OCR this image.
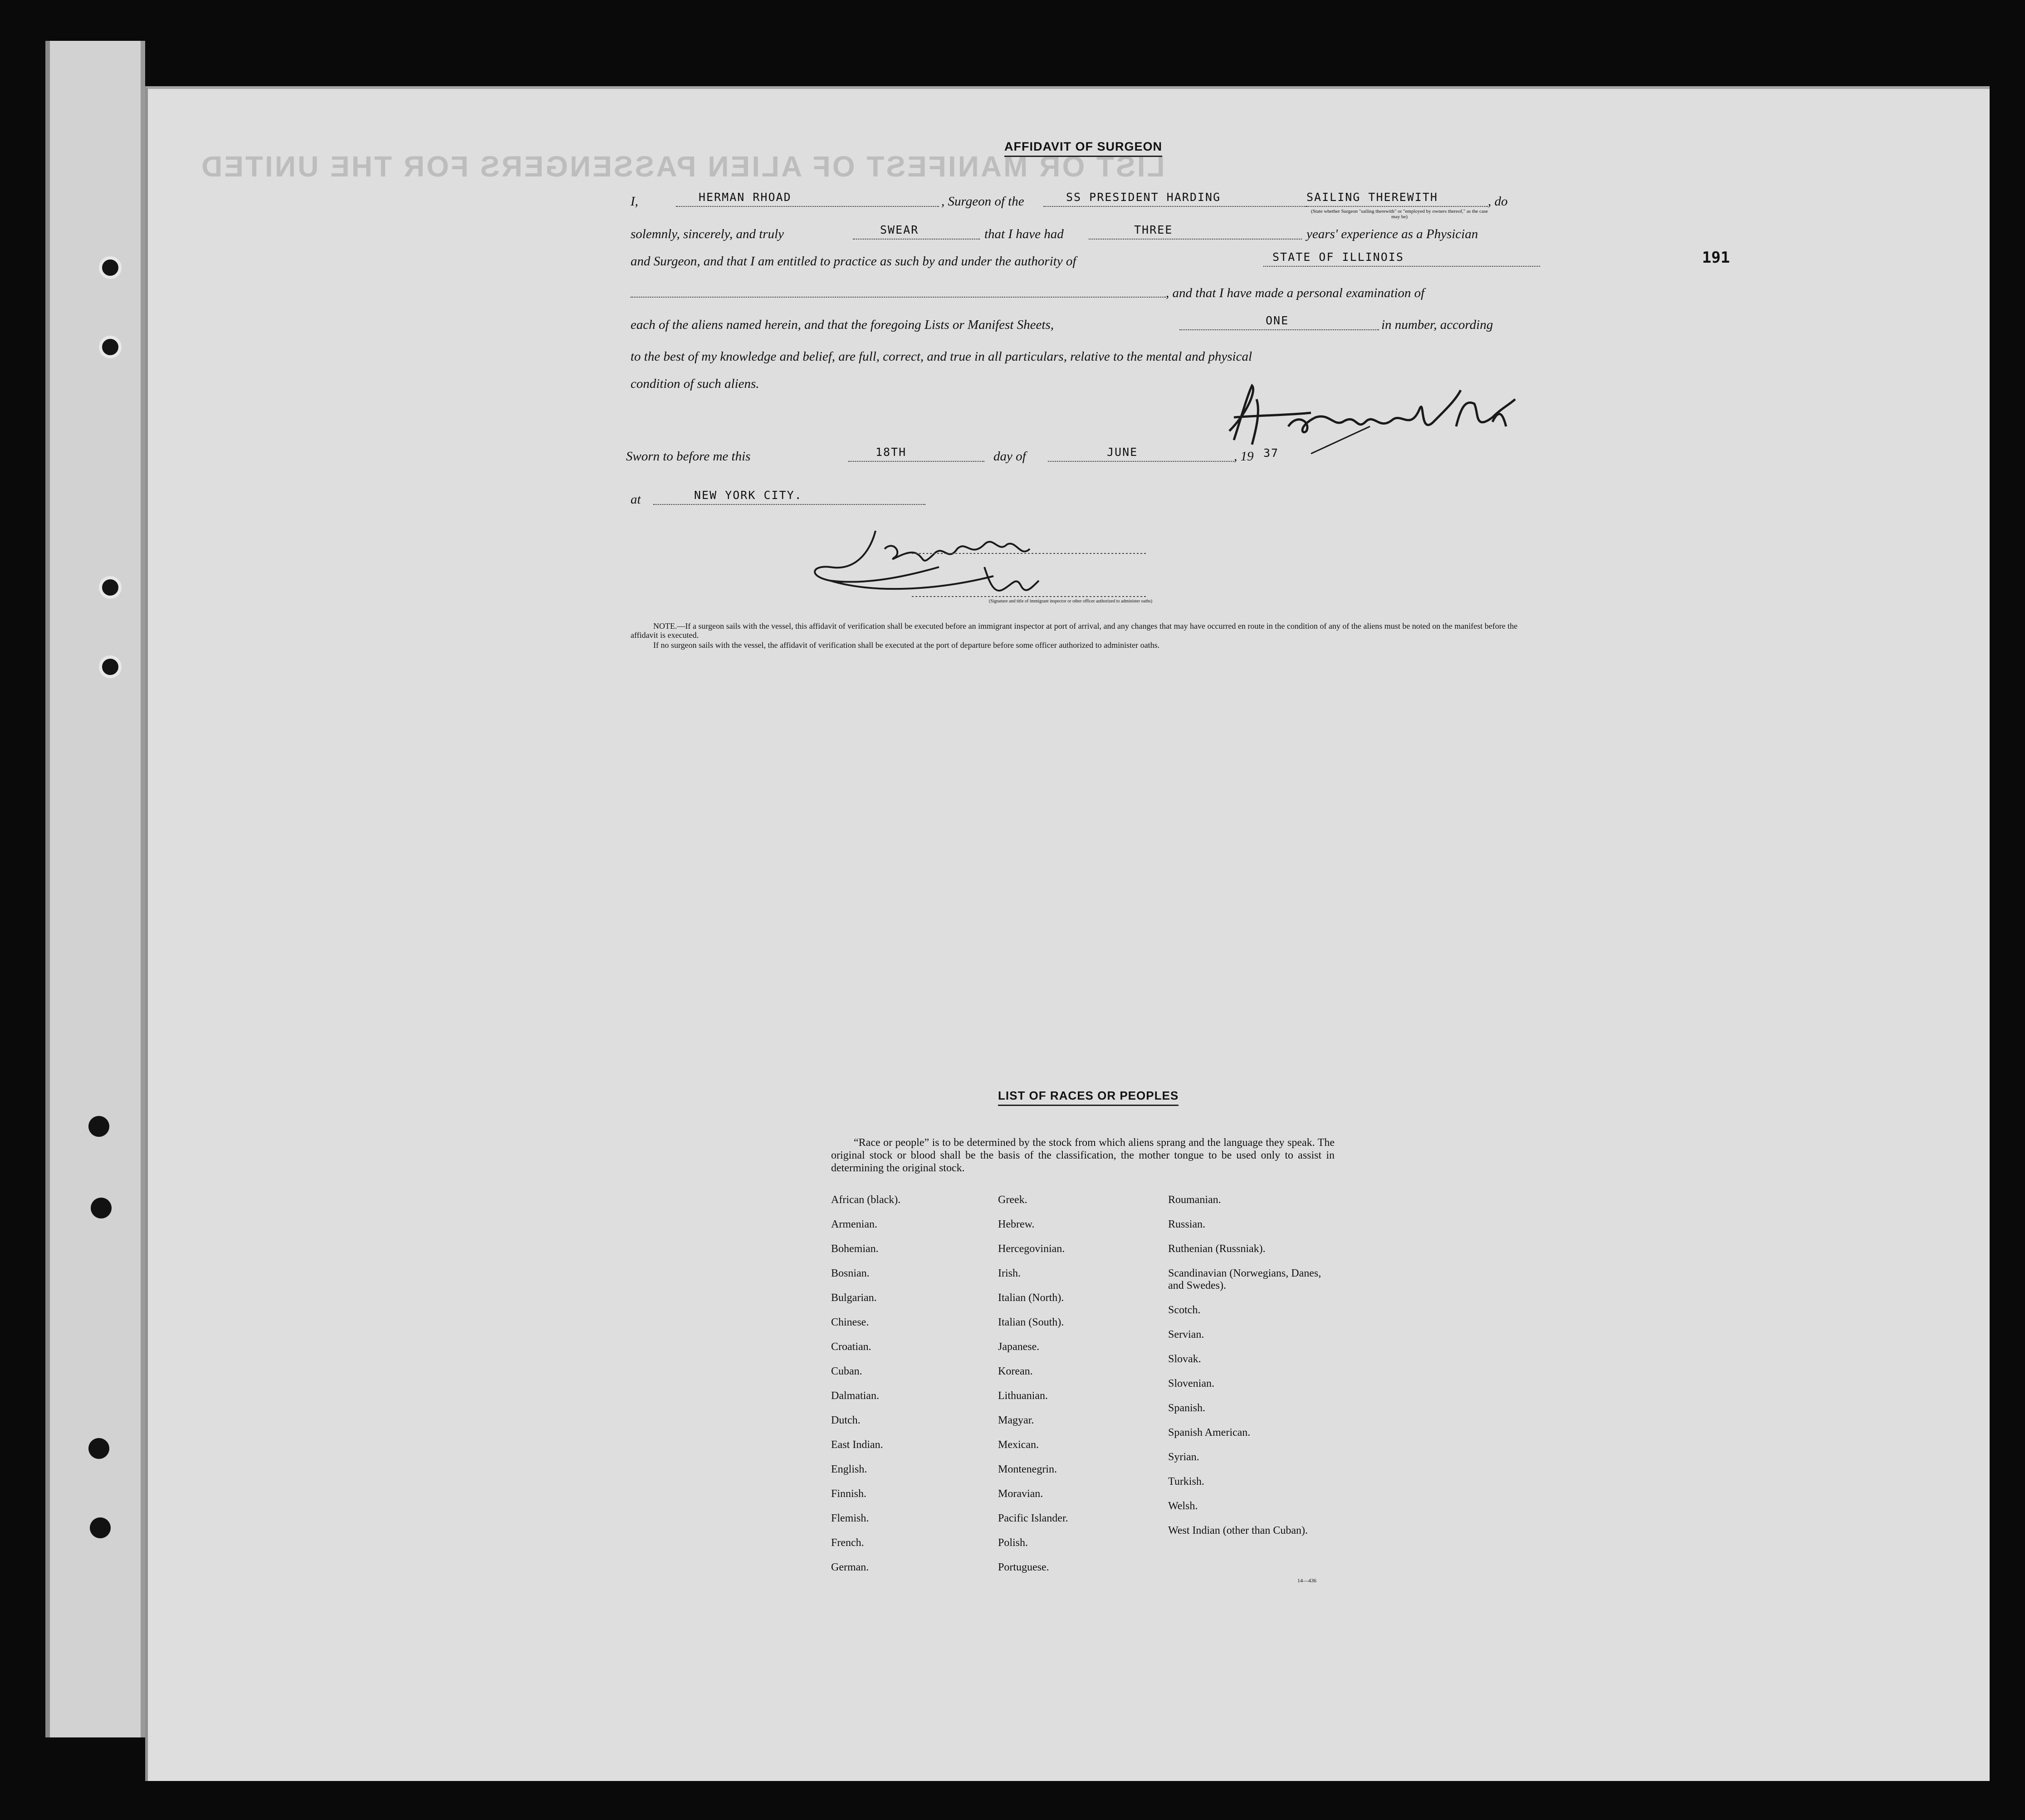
LIST OR MANIFEST OF ALIEN PASSENGERS FOR THE UNITED
191
AFFIDAVIT OF SURGEON
I,	HERMAN RHOAD	, Surgeon of the	SS PRESIDENT HARDING	SAILING THEREWITH	, do
(State whether Surgeon "sailing therewith" or "employed by owners thereof," as the case may be)
solemnly, sincerely, and truly	SWEAR	that I have had	THREE	years' experience as a Physician
and Surgeon, and that I am entitled to practice as such by and under the authority of	STATE OF ILLINOIS
, and that I have made a personal examination of
each of the aliens named herein, and that the foregoing Lists or Manifest Sheets,	ONE	in number, according
to the best of my knowledge and belief, are full, correct, and true in all particulars, relative to the mental and physical
condition of such aliens.
Sworn to before me this	18TH	day of	JUNE	, 19 37
at	NEW YORK CITY.
(Signature and title of immigrant inspector or other officer authorized to administer oaths)
NOTE.—If a surgeon sails with the vessel, this affidavit of verification shall be executed before an immigrant inspector at port of arrival, and any changes that may have occurred en route in the condition of any of the aliens must be noted on the manifest before the affidavit is executed.
If no surgeon sails with the vessel, the affidavit of verification shall be executed at the port of departure before some officer authorized to administer oaths.
LIST OF RACES OR PEOPLES
“Race or people” is to be determined by the stock from which aliens sprang and the language they speak. The original stock or blood shall be the basis of the classification, the mother tongue to be used only to assist in determining the original stock.
African (black).
Armenian.
Bohemian.
Bosnian.
Bulgarian.
Chinese.
Croatian.
Cuban.
Dalmatian.
Dutch.
East Indian.
English.
Finnish.
Flemish.
French.
German.
Greek.
Hebrew.
Hercegovinian.
Irish.
Italian (North).
Italian (South).
Japanese.
Korean.
Lithuanian.
Magyar.
Mexican.
Montenegrin.
Moravian.
Pacific Islander.
Polish.
Portuguese.
Roumanian.
Russian.
Ruthenian (Russniak).
Scandinavian (Norwegians, Danes, and Swedes).
Scotch.
Servian.
Slovak.
Slovenian.
Spanish.
Spanish American.
Syrian.
Turkish.
Welsh.
West Indian (other than Cuban).
14—436
